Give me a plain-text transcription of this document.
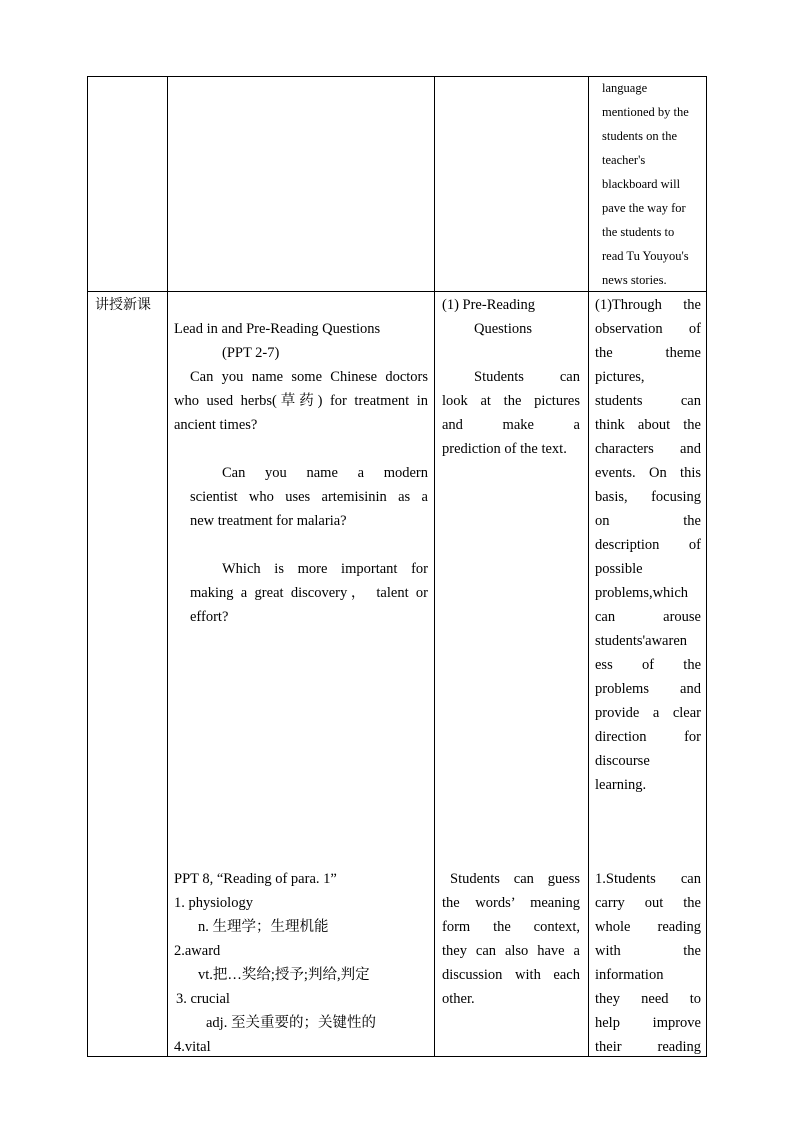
language
mentioned by the
students on the
teacher's
blackboard will
pave the way for
the students to
read Tu Youyou's
news stories.
讲授新课
Lead in and Pre-Reading Questions
(PPT 2-7)
Can you name some Chinese doctors
who used herbs(草药) for treatment in
ancient times?
Can you name a modern
scientist who uses artemisinin as a
new treatment for malaria?
Which is more important for
making a great discovery， talent or
effort?
(1) Pre-Reading
Questions
Students can
look at the pictures
and make a
prediction of the text.
(1)Through the
observation of
the theme
pictures,
students can
think about the
characters and
events. On this
basis, focusing
on the
description of
possible
problems,which
can arouse
students'awaren
ess of the
problems and
provide a clear
direction for
discourse
learning.
PPT 8, “Reading of para. 1”
1. physiology
n. 生理学；生理机能
2.award
vt.把…奖给;授予;判给,判定
3. crucial
adj. 至关重要的；关键性的
4.vital
Students can guess
the words’ meaning
form the context,
they can also have a
discussion with each
other.
1.Students can
carry out the
whole reading
with the
information
they need to
help improve
their reading
